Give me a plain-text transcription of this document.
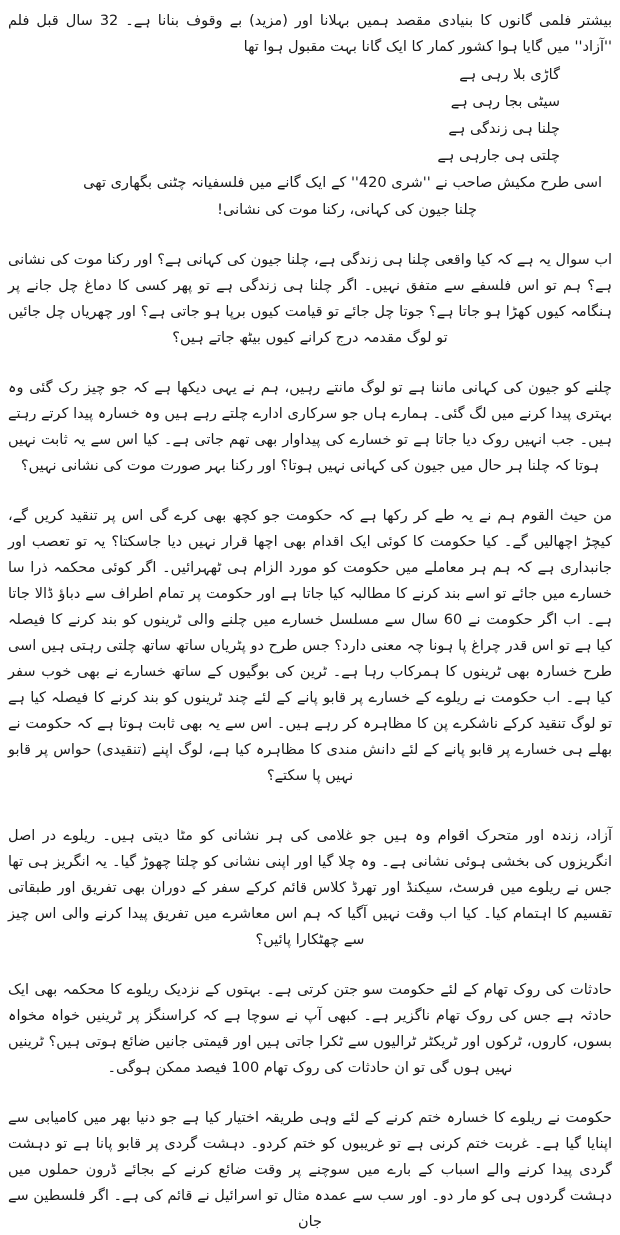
بیشتر فلمی گانوں کا بنیادی مقصد ہمیں بہلانا اور (مزید) بے وقوف بنانا ہے۔ 32 سال قبل فلم ''آزاد'' میں گایا ہوا کشور کمار کا ایک گانا بہت مقبول ہوا تھا
گاڑی بلا رہی ہے
سیٹی بجا رہی ہے
چلنا ہی زندگی ہے
چلتی ہی جارہی ہے
اسی طرح مکیش صاحب نے ''شری 420'' کے ایک گانے میں فلسفیانہ چٹنی بگھاری تھی
چلنا جیون کی کہانی، رکنا موت کی نشانی!
اب سوال یہ ہے کہ کیا واقعی چلنا ہی زندگی ہے، چلنا جیون کی کہانی ہے؟ اور رکنا موت کی نشانی ہے؟ ہم تو اس فلسفے سے متفق نہیں۔ اگر چلنا ہی زندگی ہے تو پھر کسی کا دماغ چل جانے پر ہنگامہ کیوں کھڑا ہو جاتا ہے؟ جوتا چل جائے تو قیامت کیوں برپا ہو جاتی ہے؟ اور چھریاں چل جائیں تو لوگ مقدمہ درج کرانے کیوں بیٹھ جاتے ہیں؟
چلنے کو جیون کی کہانی ماننا ہے تو لوگ مانتے رہیں، ہم نے یہی دیکھا ہے کہ جو چیز رک گئی وہ بہتری پیدا کرنے میں لگ گئی۔ ہمارے ہاں جو سرکاری ادارے چلتے رہے ہیں وہ خسارہ پیدا کرتے رہتے ہیں۔ جب انہیں روک دیا جاتا ہے تو خسارے کی پیداوار بھی تھم جاتی ہے۔ کیا اس سے یہ ثابت نہیں ہوتا کہ چلنا ہر حال میں جیون کی کہانی نہیں ہوتا؟ اور رکنا بہر صورت موت کی نشانی نہیں؟
من حیث القوم ہم نے یہ طے کر رکھا ہے کہ حکومت جو کچھ بھی کرے گی اس پر تنقید کریں گے، کیچڑ اچھالیں گے۔ کیا حکومت کا کوئی ایک اقدام بھی اچھا قرار نہیں دیا جاسکتا؟ یہ تو تعصب اور جانبداری ہے کہ ہم ہر معاملے میں حکومت کو مورد الزام ہی ٹھہرائیں۔ اگر کوئی محکمہ ذرا سا خسارے میں جائے تو اسے بند کرنے کا مطالبہ کیا جاتا ہے اور حکومت پر تمام اطراف سے دباؤ ڈالا جاتا ہے۔ اب اگر حکومت نے 60 سال سے مسلسل خسارے میں چلنے والی ٹرینوں کو بند کرنے کا فیصلہ کیا ہے تو اس قدر چراغ پا ہونا چہ معنی دارد؟ جس طرح دو پٹریاں ساتھ ساتھ چلتی رہتی ہیں اسی طرح خسارہ بھی ٹرینوں کا ہمرکاب رہا ہے۔ ٹرین کی بوگیوں کے ساتھ خسارے نے بھی خوب سفر کیا ہے۔ اب حکومت نے ریلوے کے خسارے پر قابو پانے کے لئے چند ٹرینوں کو بند کرنے کا فیصلہ کیا ہے تو لوگ تنقید کرکے ناشکرے پن کا مظاہرہ کر رہے ہیں۔ اس سے یہ بھی ثابت ہوتا ہے کہ حکومت نے بھلے ہی خسارے پر قابو پانے کے لئے دانش مندی کا مظاہرہ کیا ہے، لوگ اپنے (تنقیدی) حواس پر قابو نہیں پا سکتے؟
آزاد، زندہ اور متحرک اقوام وہ ہیں جو غلامی کی ہر نشانی کو مٹا دیتی ہیں۔ ریلوے در اصل انگریزوں کی بخشی ہوئی نشانی ہے۔ وہ چلا گیا اور اپنی نشانی کو چلتا چھوڑ گیا۔ یہ انگریز ہی تھا جس نے ریلوے میں فرسٹ، سیکنڈ اور تھرڈ کلاس قائم کرکے سفر کے دوران بھی تفریق اور طبقاتی تقسیم کا اہتمام کیا۔ کیا اب وقت نہیں آگیا کہ ہم اس معاشرے میں تفریق پیدا کرنے والی اس چیز سے چھٹکارا پائیں؟
حادثات کی روک تھام کے لئے حکومت سو جتن کرتی ہے۔ بہتوں کے نزدیک ریلوے کا محکمہ بھی ایک حادثہ ہے جس کی روک تھام ناگزیر ہے۔ کبھی آپ نے سوچا ہے کہ کراسنگز پر ٹرینیں خواہ مخواہ بسوں، کاروں، ٹرکوں اور ٹریکٹر ٹرالیوں سے ٹکرا جاتی ہیں اور قیمتی جانیں ضائع ہوتی ہیں؟ ٹرینیں نہیں ہوں گی تو ان حادثات کی روک تھام 100 فیصد ممکن ہوگی۔
حکومت نے ریلوے کا خسارہ ختم کرنے کے لئے وہی طریقہ اختیار کیا ہے جو دنیا بھر میں کامیابی سے اپنایا گیا ہے۔ غربت ختم کرنی ہے تو غریبوں کو ختم کردو۔ دہشت گردی پر قابو پانا ہے تو دہشت گردی پیدا کرنے والے اسباب کے بارے میں سوچنے پر وقت ضائع کرنے کے بجائے ڈرون حملوں میں دہشت گردوں ہی کو مار دو۔ اور سب سے عمدہ مثال تو اسرائیل نے قائم کی ہے۔ اگر فلسطین سے جان
